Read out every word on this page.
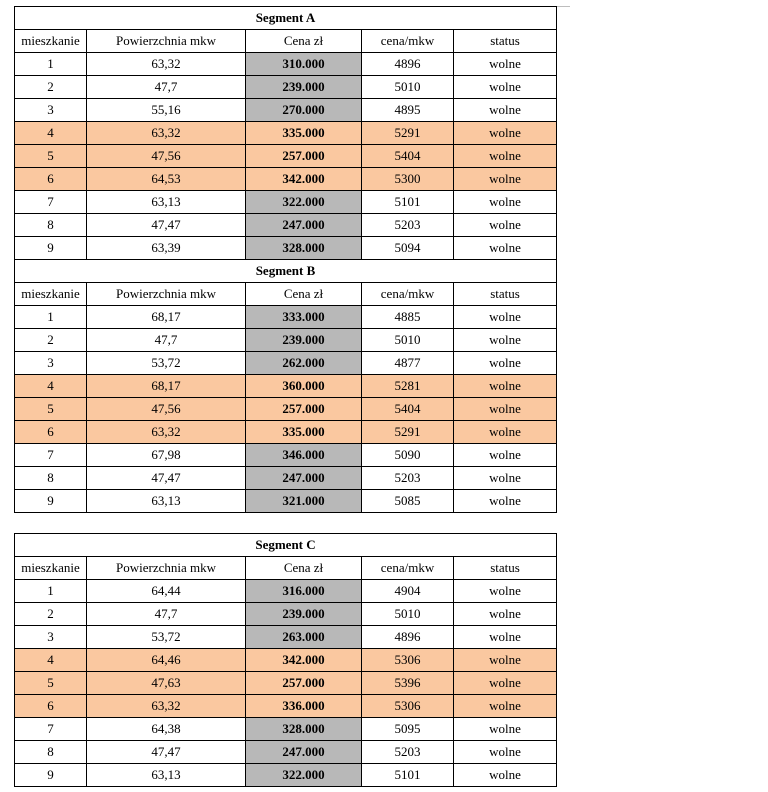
Segment A				
mieszkanie	Powierzchnia mkw	Cena zł	cena/mkw	status
1	63,32	310.000	4896	wolne
2	47,7	239.000	5010	wolne
3	55,16	270.000	4895	wolne
4	63,32	335.000	5291	wolne
5	47,56	257.000	5404	wolne
6	64,53	342.000	5300	wolne
7	63,13	322.000	5101	wolne
8	47,47	247.000	5203	wolne
9	63,39	328.000	5094	wolne
Segment B				
mieszkanie	Powierzchnia mkw	Cena zł	cena/mkw	status
1	68,17	333.000	4885	wolne
2	47,7	239.000	5010	wolne
3	53,72	262.000	4877	wolne
4	68,17	360.000	5281	wolne
5	47,56	257.000	5404	wolne
6	63,32	335.000	5291	wolne
7	67,98	346.000	5090	wolne
8	47,47	247.000	5203	wolne
9	63,13	321.000	5085	wolne
Segment C				
mieszkanie	Powierzchnia mkw	Cena zł	cena/mkw	status
1	64,44	316.000	4904	wolne
2	47,7	239.000	5010	wolne
3	53,72	263.000	4896	wolne
4	64,46	342.000	5306	wolne
5	47,63	257.000	5396	wolne
6	63,32	336.000	5306	wolne
7	64,38	328.000	5095	wolne
8	47,47	247.000	5203	wolne
9	63,13	322.000	5101	wolne
